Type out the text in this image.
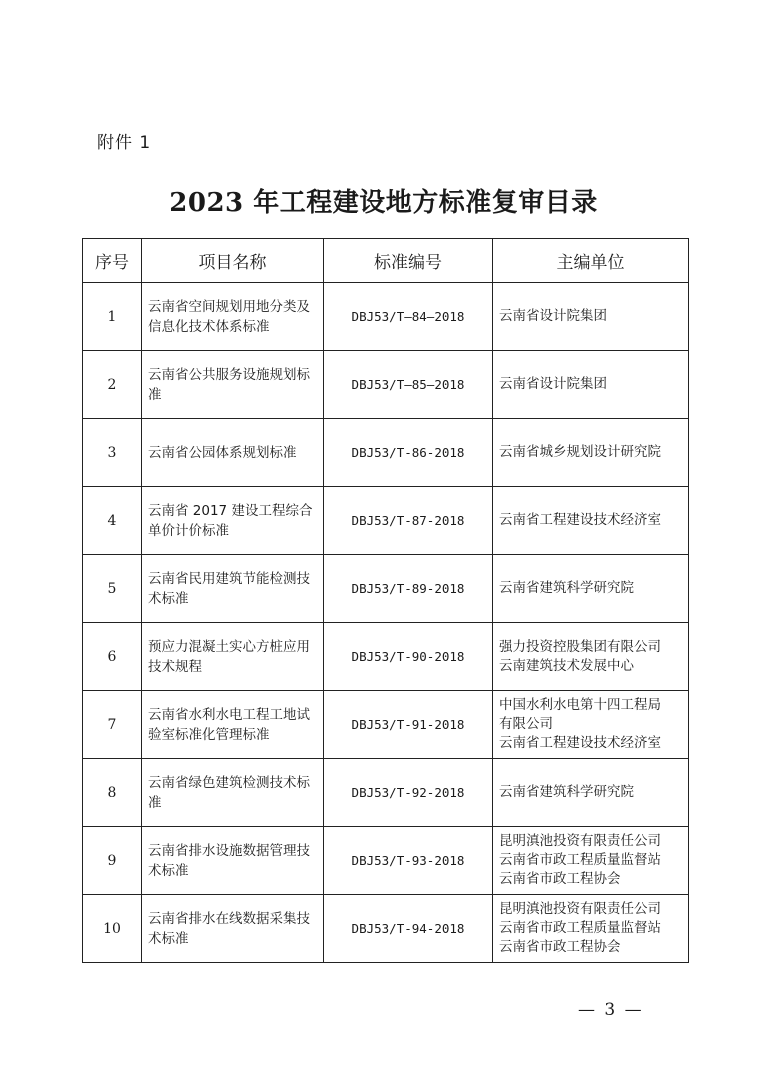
附件 1
2023 年工程建设地方标准复审目录
序号	项目名称	标准编号	主编单位
1	云南省空间规划用地分类及信息化技术体系标准	DBJ53/T—84—2018	云南省设计院集团

2	云南省公共服务设施规划标准	DBJ53/T—85—2018	云南省设计院集团

3	云南省公园体系规划标准	DBJ53/T-86-2018	云南省城乡规划设计研究院

4	云南省 2017 建设工程综合单价计价标准	DBJ53/T-87-2018	云南省工程建设技术经济室

5	云南省民用建筑节能检测技术标准	DBJ53/T-89-2018	云南省建筑科学研究院

6	预应力混凝土实心方桩应用技术规程	DBJ53/T-90-2018	强力投资控股集团有限公司
云南建筑技术发展中心

7	云南省水利水电工程工地试验室标准化管理标准	DBJ53/T-91-2018	中国水利水电第十四工程局
有限公司
云南省工程建设技术经济室

8	云南省绿色建筑检测技术标准	DBJ53/T-92-2018	云南省建筑科学研究院

9	云南省排水设施数据管理技术标准	DBJ53/T-93-2018	昆明滇池投资有限责任公司
云南省市政工程质量监督站
云南省市政工程协会

10	云南省排水在线数据采集技术标准	DBJ53/T-94-2018	昆明滇池投资有限责任公司
云南省市政工程质量监督站
云南省市政工程协会
— 3 —
